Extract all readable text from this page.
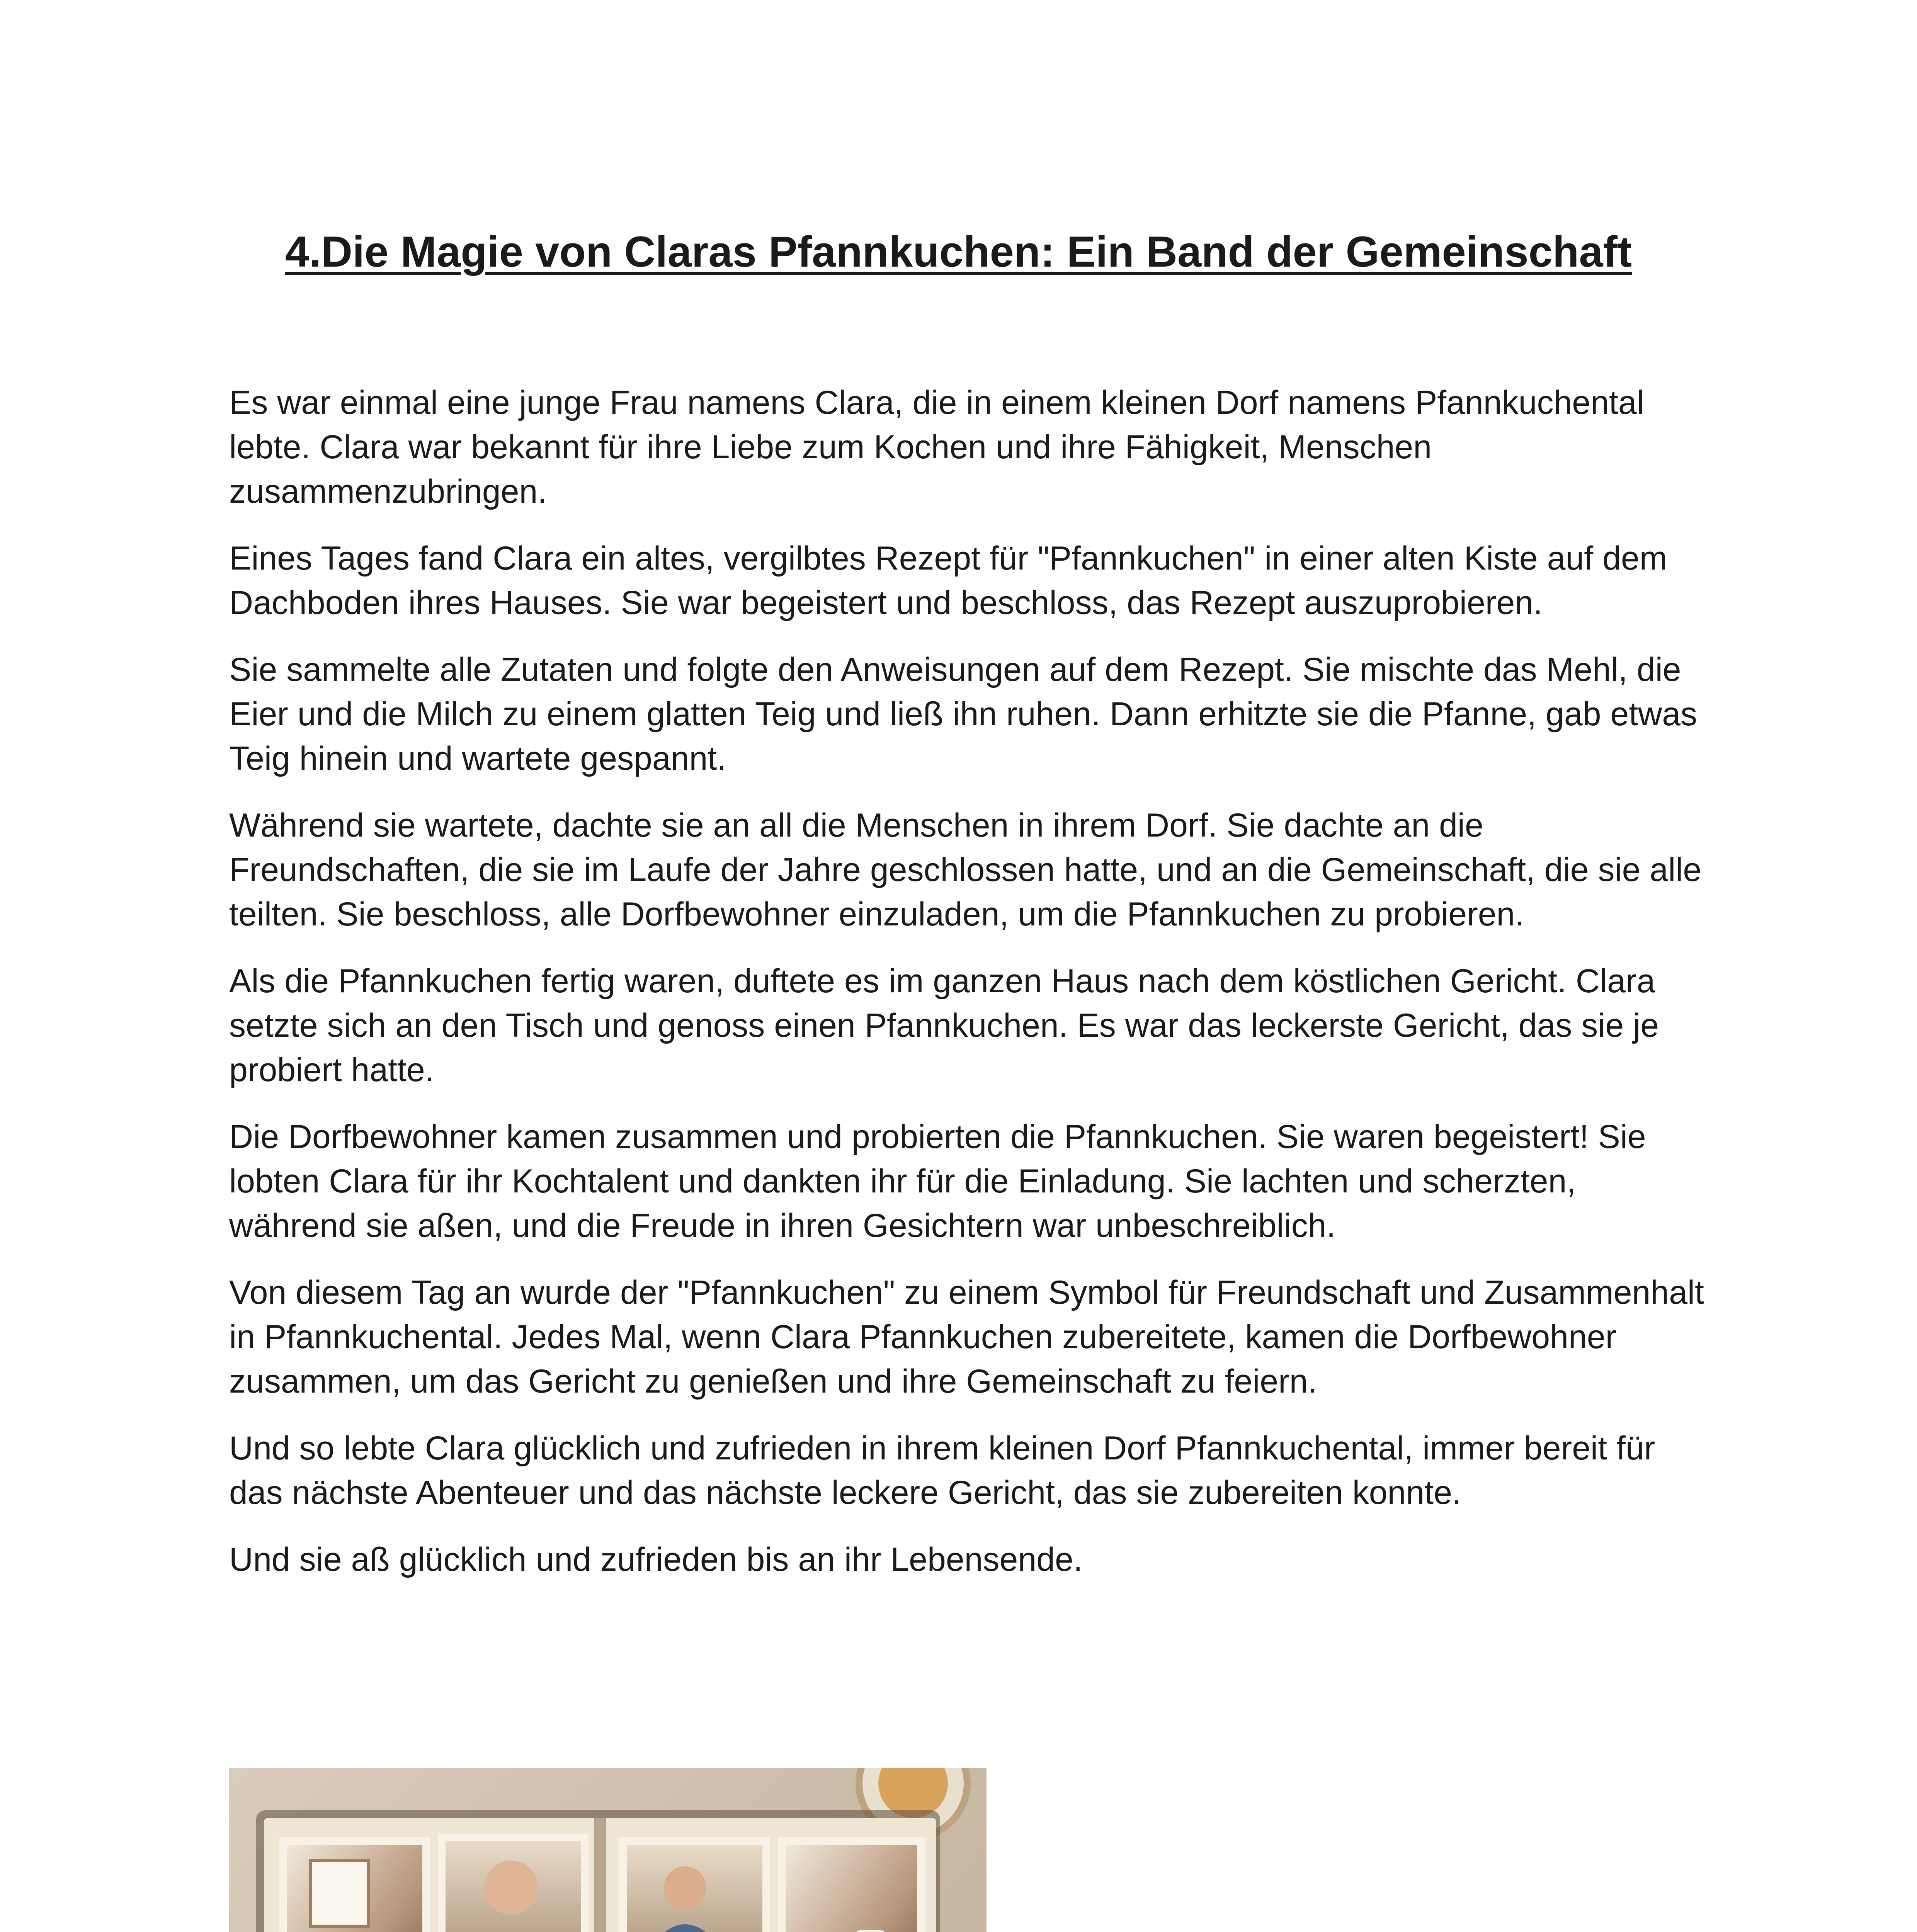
4.Die Magie von Claras Pfannkuchen: Ein Band der Gemeinschaft

Es war einmal eine junge Frau namens Clara, die in einem kleinen Dorf namens Pfannkuchental lebte. Clara war bekannt für ihre Liebe zum Kochen und ihre Fähigkeit, Menschen zusammenzubringen.

Eines Tages fand Clara ein altes, vergilbtes Rezept für "Pfannkuchen" in einer alten Kiste auf dem Dachboden ihres Hauses. Sie war begeistert und beschloss, das Rezept auszuprobieren.

Sie sammelte alle Zutaten und folgte den Anweisungen auf dem Rezept. Sie mischte das Mehl, die Eier und die Milch zu einem glatten Teig und ließ ihn ruhen. Dann erhitzte sie die Pfanne, gab etwas Teig hinein und wartete gespannt.

Während sie wartete, dachte sie an all die Menschen in ihrem Dorf. Sie dachte an die Freundschaften, die sie im Laufe der Jahre geschlossen hatte, und an die Gemeinschaft, die sie alle teilten. Sie beschloss, alle Dorfbewohner einzuladen, um die Pfannkuchen zu probieren.

Als die Pfannkuchen fertig waren, duftete es im ganzen Haus nach dem köstlichen Gericht. Clara setzte sich an den Tisch und genoss einen Pfannkuchen. Es war das leckerste Gericht, das sie je probiert hatte.

Die Dorfbewohner kamen zusammen und probierten die Pfannkuchen. Sie waren begeistert! Sie lobten Clara für ihr Kochtalent und dankten ihr für die Einladung. Sie lachten und scherzten, während sie aßen, und die Freude in ihren Gesichtern war unbeschreiblich.

Von diesem Tag an wurde der "Pfannkuchen" zu einem Symbol für Freundschaft und Zusammenhalt in Pfannkuchental. Jedes Mal, wenn Clara Pfannkuchen zubereitete, kamen die Dorfbewohner zusammen, um das Gericht zu genießen und ihre Gemeinschaft zu feiern.

Und so lebte Clara glücklich und zufrieden in ihrem kleinen Dorf Pfannkuchental, immer bereit für das nächste Abenteuer und das nächste leckere Gericht, das sie zubereiten konnte.

Und sie aß glücklich und zufrieden bis an ihr Lebensende.
